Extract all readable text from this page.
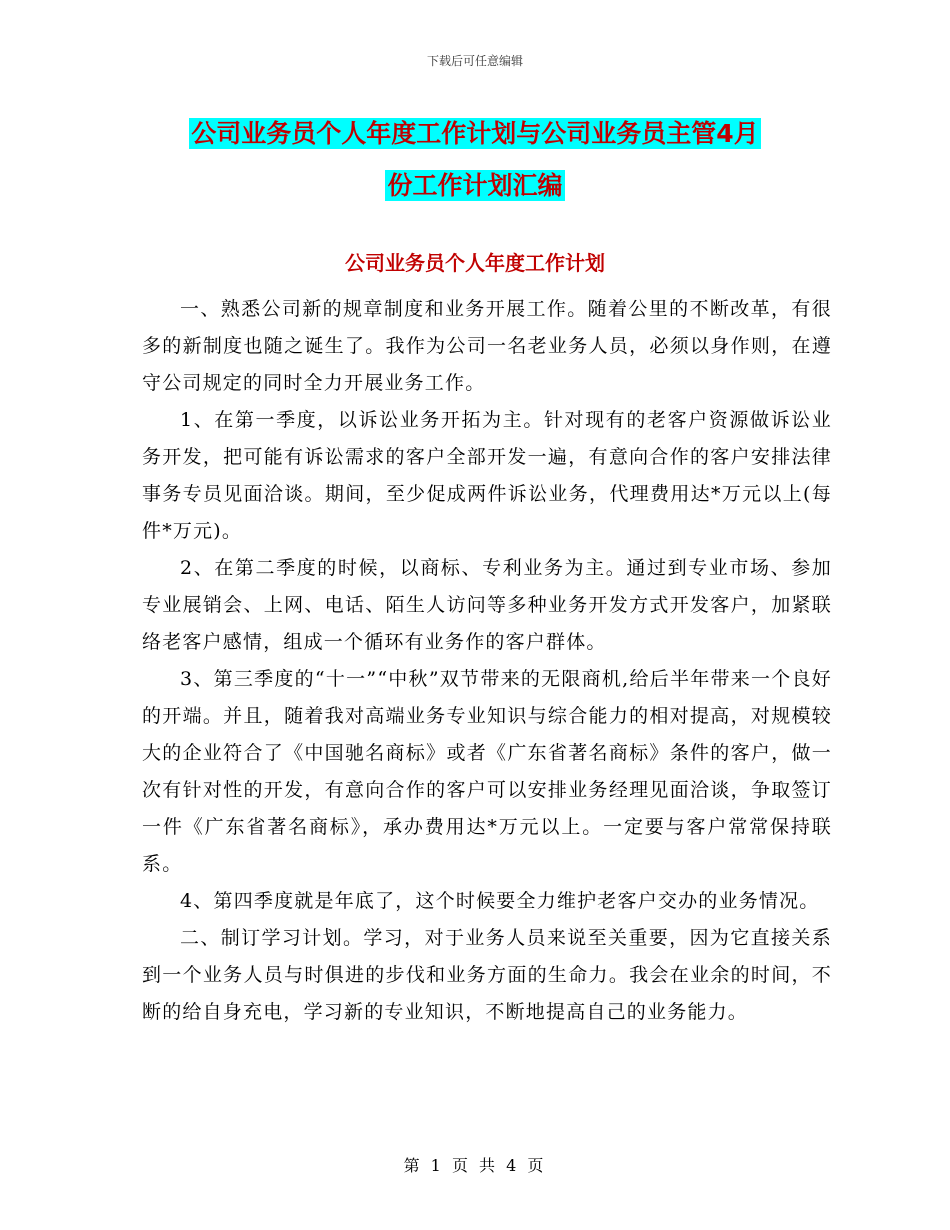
下载后可任意编辑
公司业务员个人年度工作计划与公司业务员主管4月
份工作计划汇编
公司业务员个人年度工作计划

一、熟悉公司新的规章制度和业务开展工作。随着公里的不断改革，有很多的新制度也随之诞生了。我作为公司一名老业务人员，必须以身作则，在遵守公司规定的同时全力开展业务工作。

1、在第一季度，以诉讼业务开拓为主。针对现有的老客户资源做诉讼业务开发，把可能有诉讼需求的客户全部开发一遍，有意向合作的客户安排法律事务专员见面洽谈。期间，至少促成两件诉讼业务，代理费用达*万元以上(每件*万元)。

2、在第二季度的时候，以商标、专利业务为主。通过到专业市场、参加专业展销会、上网、电话、陌生人访问等多种业务开发方式开发客户，加紧联络老客户感情，组成一个循环有业务作的客户群体。

3、第三季度的“十一”“中秋”双节带来的无限商机,给后半年带来一个良好的开端。并且，随着我对高端业务专业知识与综合能力的相对提高，对规模较大的企业符合了《中国驰名商标》或者《广东省著名商标》条件的客户，做一次有针对性的开发，有意向合作的客户可以安排业务经理见面洽谈，争取签订一件《广东省著名商标》，承办费用达*万元以上。一定要与客户常常保持联系。

4、第四季度就是年底了，这个时候要全力维护老客户交办的业务情况。

二、制订学习计划。学习，对于业务人员来说至关重要，因为它直接关系到一个业务人员与时俱进的步伐和业务方面的生命力。我会在业余的时间，不断的给自身充电，学习新的专业知识，不断地提高自己的业务能力。

第 1 页 共 4 页
